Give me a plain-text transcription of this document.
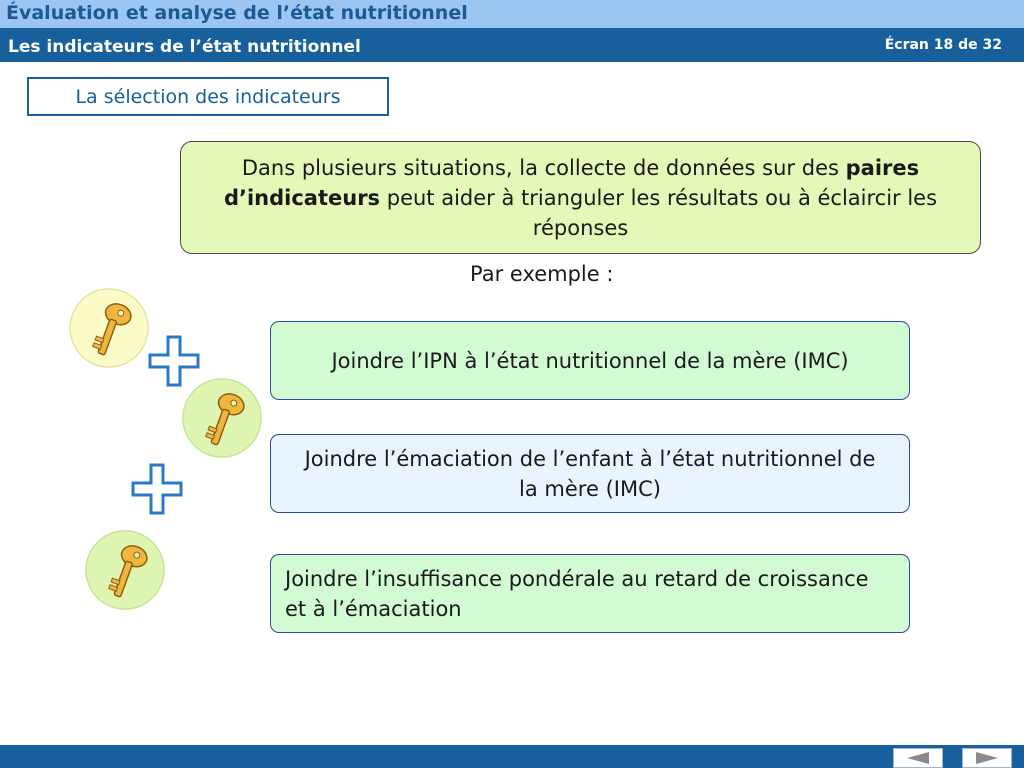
Évaluation et analyse de l’état nutritionnel
Les indicateurs de l’état nutritionnel	Écran 18 de 32
La sélection des indicateurs
Dans plusieurs situations, la collecte de données sur des paires d’indicateurs peut aider à trianguler les résultats ou à éclaircir les réponses
Par exemple :
Joindre l’IPN à l’état nutritionnel de la mère (IMC)
Joindre l’émaciation de l’enfant à l’état nutritionnel de la mère (IMC)
Joindre l’insuffisance pondérale au retard de croissance et à l’émaciation
